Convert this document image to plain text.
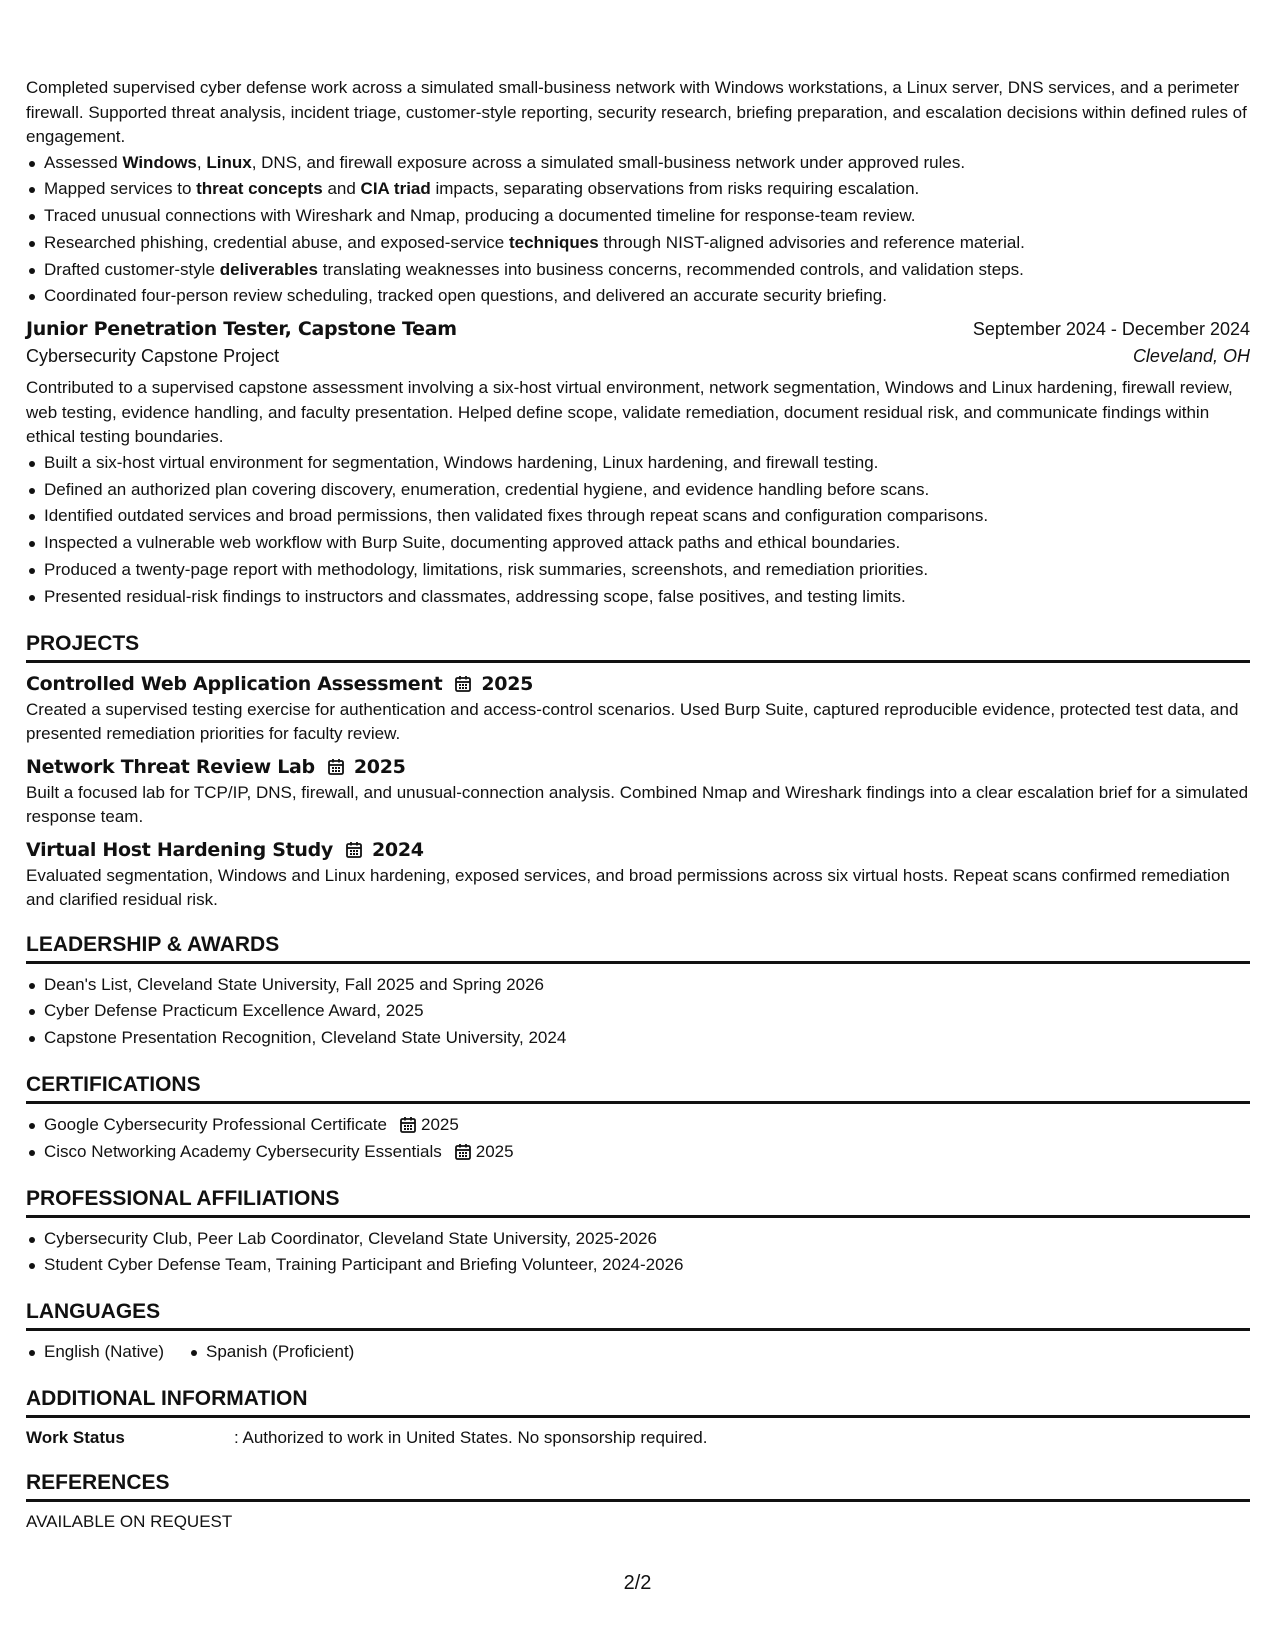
Completed supervised cyber defense work across a simulated small-business network with Windows workstations, a Linux server, DNS services, and a perimeter firewall. Supported threat analysis, incident triage, customer-style reporting, security research, briefing preparation, and escalation decisions within defined rules of engagement.

Assessed Windows, Linux, DNS, and firewall exposure across a simulated small-business network under approved rules.
Mapped services to threat concepts and CIA triad impacts, separating observations from risks requiring escalation.
Traced unusual connections with Wireshark and Nmap, producing a documented timeline for response-team review.
Researched phishing, credential abuse, and exposed-service techniques through NIST-aligned advisories and reference material.
Drafted customer-style deliverables translating weaknesses into business concerns, recommended controls, and validation steps.
Coordinated four-person review scheduling, tracked open questions, and delivered an accurate security briefing.
Junior Penetration Tester, Capstone Team	September 2024 - December 2024
Cybersecurity Capstone Project	Cleveland, OH

Contributed to a supervised capstone assessment involving a six-host virtual environment, network segmentation, Windows and Linux hardening, firewall review, web testing, evidence handling, and faculty presentation. Helped define scope, validate remediation, document residual risk, and communicate findings within ethical testing boundaries.

Built a six-host virtual environment for segmentation, Windows hardening, Linux hardening, and firewall testing.
Defined an authorized plan covering discovery, enumeration, credential hygiene, and evidence handling before scans.
Identified outdated services and broad permissions, then validated fixes through repeat scans and configuration comparisons.
Inspected a vulnerable web workflow with Burp Suite, documenting approved attack paths and ethical boundaries.
Produced a twenty-page report with methodology, limitations, risk summaries, screenshots, and remediation priorities.
Presented residual-risk findings to instructors and classmates, addressing scope, false positives, and testing limits.
PROJECTS
Controlled Web Application Assessment 2025

Created a supervised testing exercise for authentication and access-control scenarios. Used Burp Suite, captured reproducible evidence, protected test data, and presented remediation priorities for faculty review.

Network Threat Review Lab 2025

Built a focused lab for TCP/IP, DNS, firewall, and unusual-connection analysis. Combined Nmap and Wireshark findings into a clear escalation brief for a simulated response team.

Virtual Host Hardening Study 2024

Evaluated segmentation, Windows and Linux hardening, exposed services, and broad permissions across six virtual hosts. Repeat scans confirmed remediation and clarified residual risk.

LEADERSHIP & AWARDS
Dean's List, Cleveland State University, Fall 2025 and Spring 2026
Cyber Defense Practicum Excellence Award, 2025
Capstone Presentation Recognition, Cleveland State University, 2024
CERTIFICATIONS
Google Cybersecurity Professional Certificate 2025
Cisco Networking Academy Cybersecurity Essentials 2025
PROFESSIONAL AFFILIATIONS
Cybersecurity Club, Peer Lab Coordinator, Cleveland State University, 2025-2026
Student Cyber Defense Team, Training Participant and Briefing Volunteer, 2024-2026
LANGUAGES
English (Native)	Spanish (Proficient)
ADDITIONAL INFORMATION
Work Status	: Authorized to work in United States. No sponsorship required.
REFERENCES
AVAILABLE ON REQUEST
2/2
